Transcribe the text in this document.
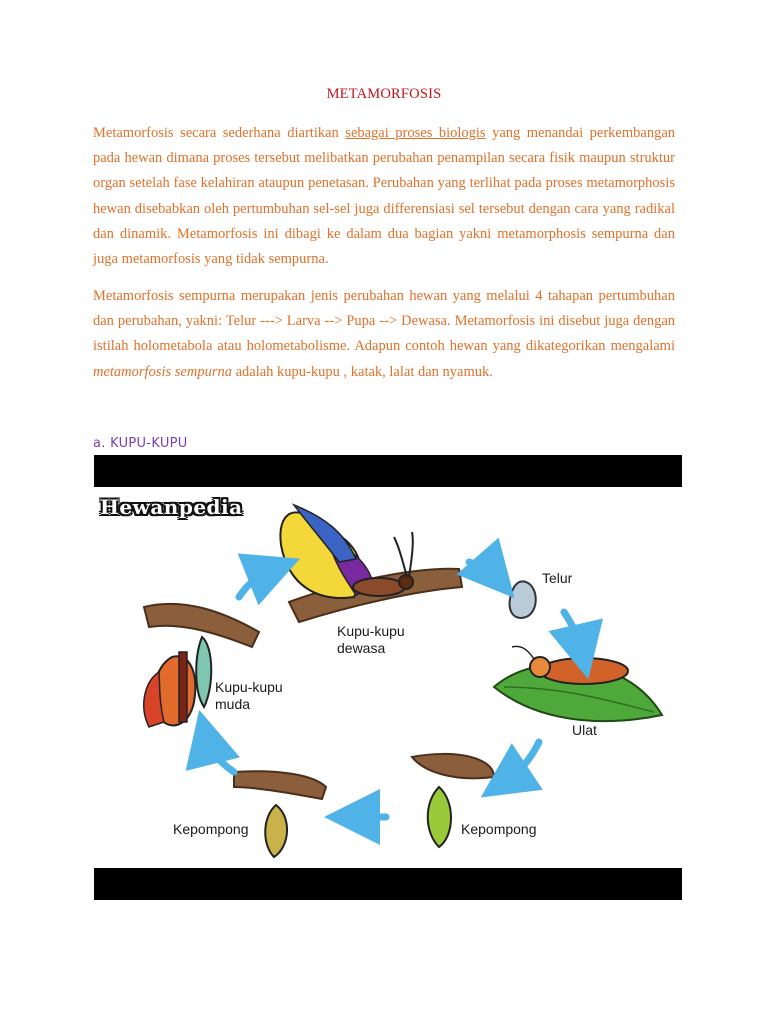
METAMORFOSIS

Metamorfosis secara sederhana diartikan sebagai proses biologis yang menandai perkembangan pada hewan dimana proses tersebut melibatkan perubahan penampilan secara fisik maupun struktur organ setelah fase kelahiran ataupun penetasan. Perubahan yang terlihat pada proses metamorphosis hewan disebabkan oleh pertumbuhan sel-sel juga differensiasi sel tersebut dengan cara yang radikal dan dinamik. Metamorfosis ini dibagi ke dalam dua bagian yakni metamorphosis sempurna dan juga metamorfosis yang tidak sempurna.

Metamorfosis sempurna merupakan jenis perubahan hewan yang melalui 4 tahapan pertumbuhan dan perubahan, yakni: Telur ---> Larva --> Pupa --> Dewasa. Metamorfosis ini disebut juga dengan istilah holometabola atau holometabolisme. Adapun contoh hewan yang dikategorikan mengalami metamorfosis sempurna adalah kupu-kupu , katak, lalat dan nyamuk.

a. KUPU-KUPU
Hewanpedia
Telur
Ulat
Kepompong
Kepompong
Kupu-kupu
muda
Kupu-kupu
dewasa
